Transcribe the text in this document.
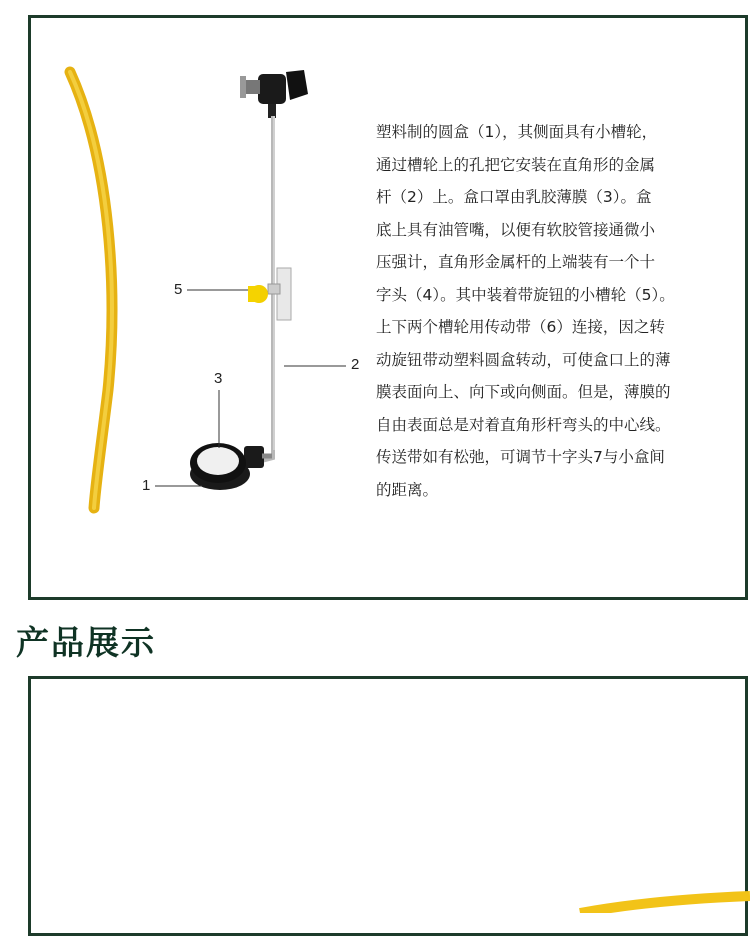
5
2
3
1
塑料制的圆盒（1），其侧面具有小槽轮，
通过槽轮上的孔把它安装在直角形的金属
杆（2）上。盒口罩由乳胶薄膜（3）。盒
底上具有油管嘴，以便有软胶管接通微小
压强计，直角形金属杆的上端装有一个十
字头（4）。其中装着带旋钮的小槽轮（5）。
上下两个槽轮用传动带（6）连接，因之转
动旋钮带动塑料圆盒转动，可使盒口上的薄
膜表面向上、向下或向侧面。但是，薄膜的
自由表面总是对着直角形杆弯头的中心线。
传送带如有松弛，可调节十字头7与小盒间
的距离。
产品展示
